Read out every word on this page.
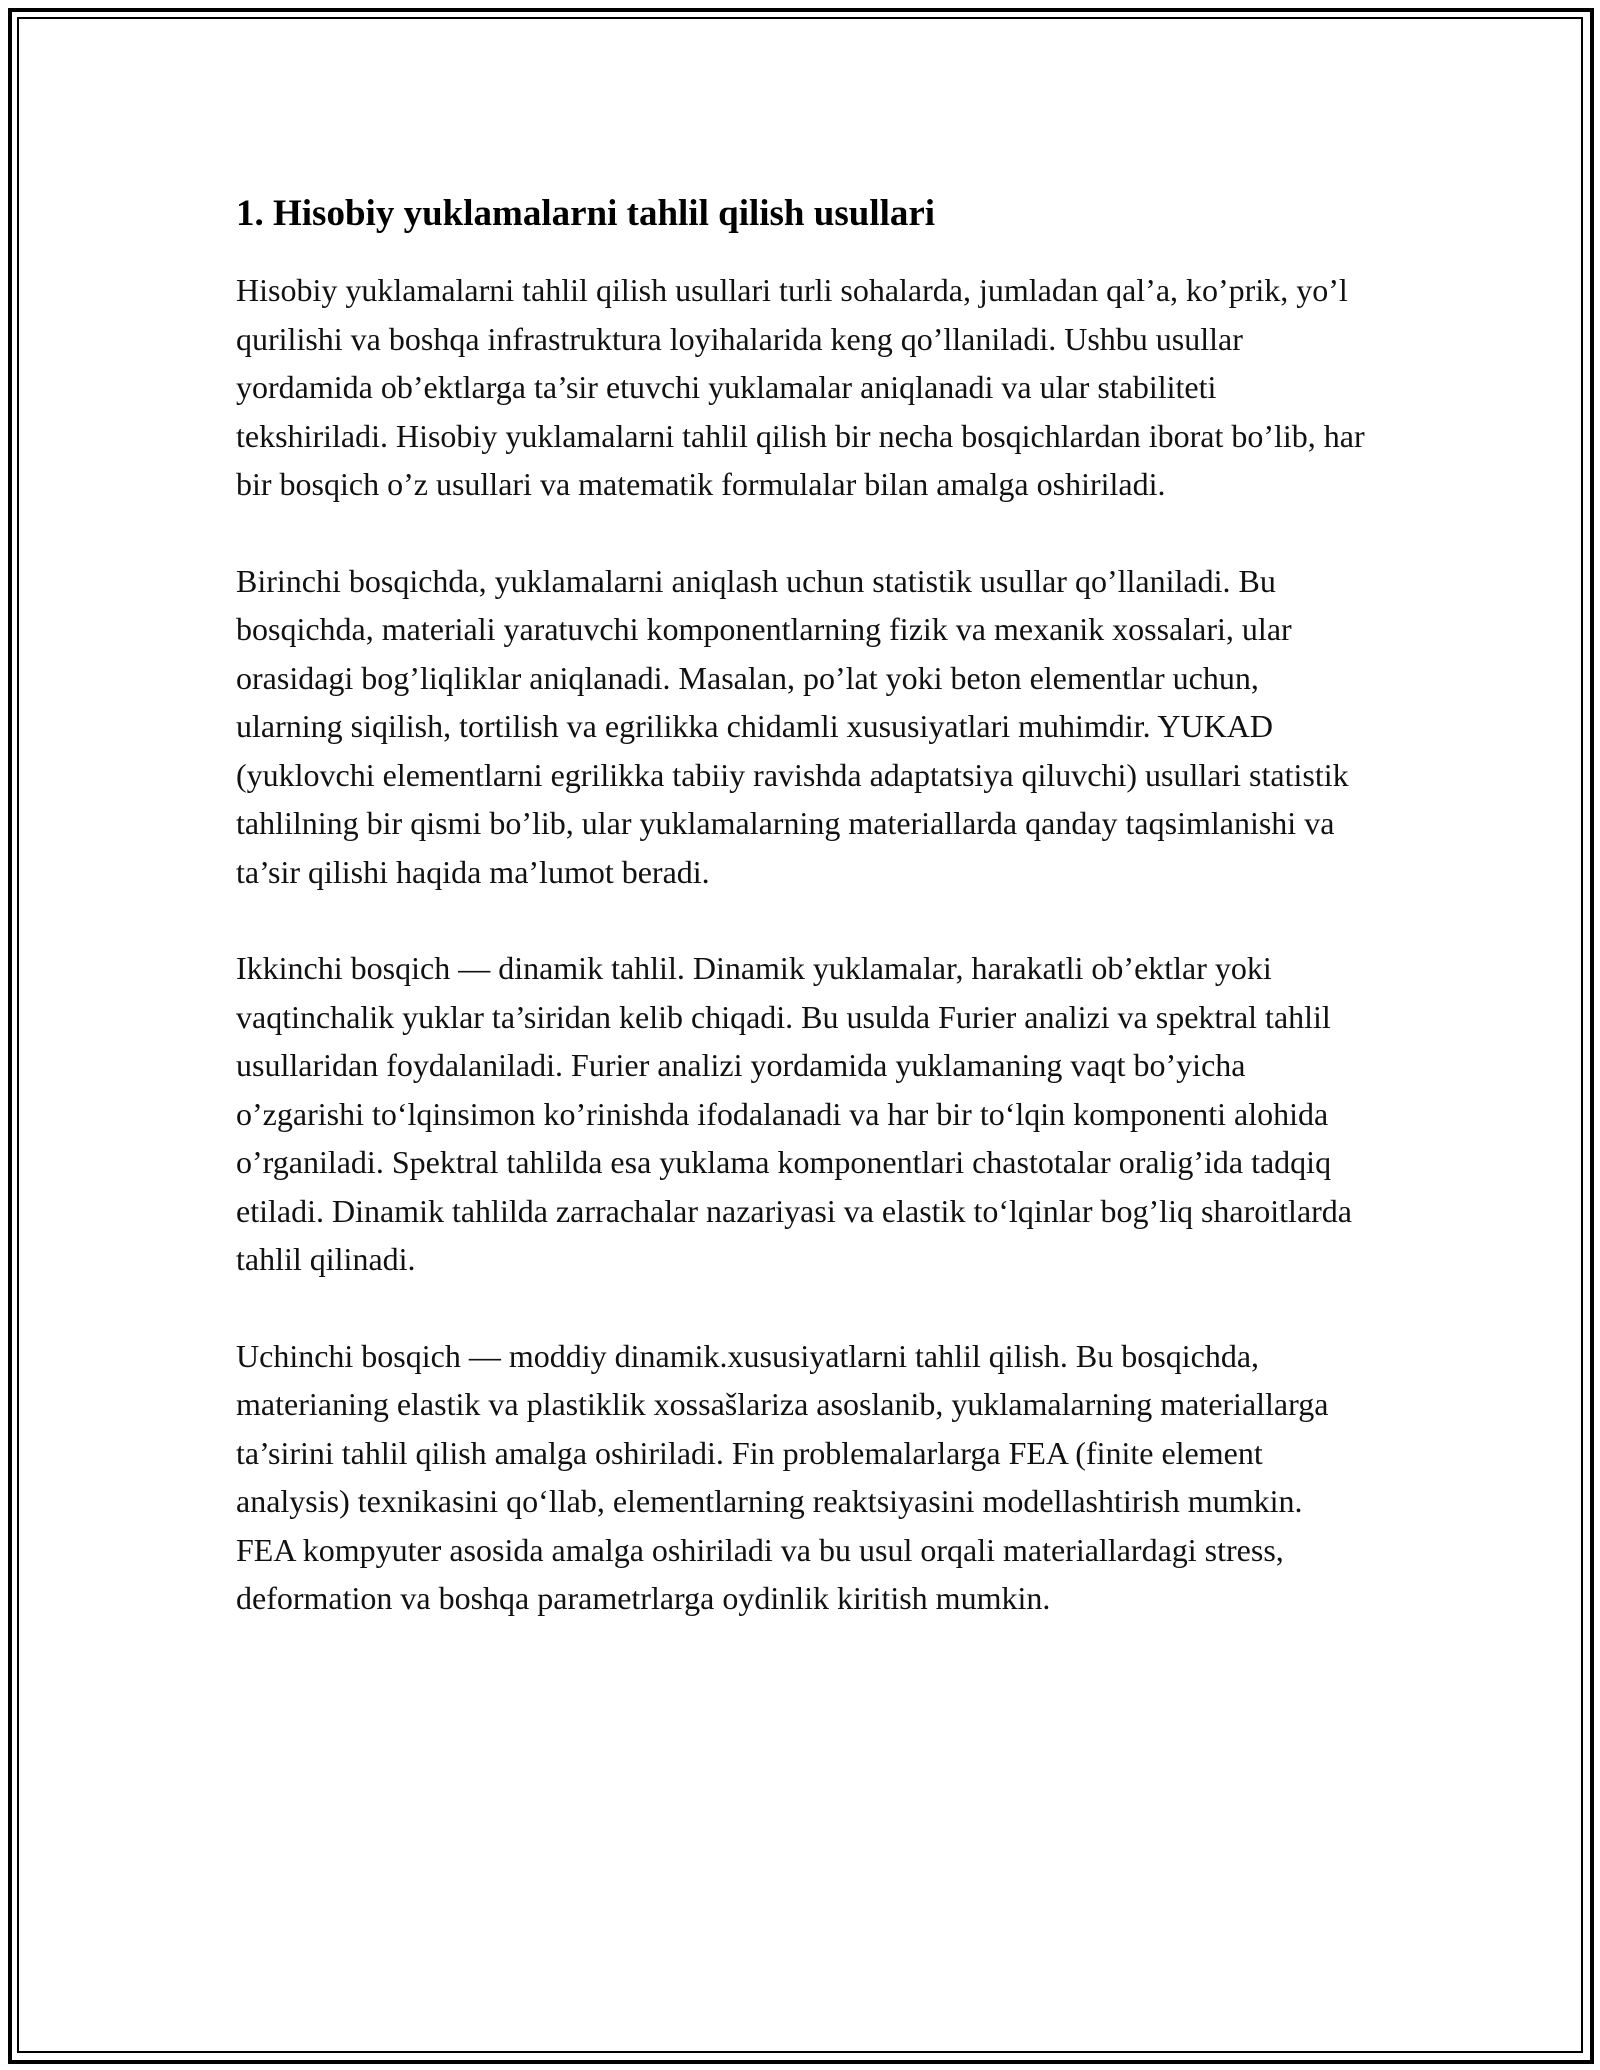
1. Hisobiy yuklamalarni tahlil qilish usullari

Hisobiy yuklamalarni tahlil qilish usullari turli sohalarda, jumladan qal’a, ko’prik, yo’l qurilishi va boshqa infrastruktura loyihalarida keng qo’llaniladi. Ushbu usullar yordamida ob’ektlarga ta’sir etuvchi yuklamalar aniqlanadi va ular stabiliteti tekshiriladi. Hisobiy yuklamalarni tahlil qilish bir necha bosqichlardan iborat bo’lib, har bir bosqich o’z usullari va matematik formulalar bilan amalga oshiriladi.

Birinchi bosqichda, yuklamalarni aniqlash uchun statistik usullar qo’llaniladi. Bu bosqichda, materiali yaratuvchi komponentlarning fizik va mexanik xossalari, ular orasidagi bog’liqliklar aniqlanadi. Masalan, po’lat yoki beton elementlar uchun, ularning siqilish, tortilish va egrilikka chidamli xususiyatlari muhimdir. YUKAD (yuklovchi elementlarni egrilikka tabiiy ravishda adaptatsiya qiluvchi) usullari statistik tahlilning bir qismi bo’lib, ular yuklamalarning materiallarda qanday taqsimlanishi va ta’sir qilishi haqida ma’lumot beradi.

Ikkinchi bosqich — dinamik tahlil. Dinamik yuklamalar, harakatli ob’ektlar yoki vaqtinchalik yuklar ta’siridan kelib chiqadi. Bu usulda Furier analizi va spektral tahlil usullaridan foydalaniladi. Furier analizi yordamida yuklamaning vaqt bo’yicha o’zgarishi to‘lqinsimon ko’rinishda ifodalanadi va har bir to‘lqin komponenti alohida o’rganiladi. Spektral tahlilda esa yuklama komponentlari chastotalar oralig’ida tadqiq etiladi. Dinamik tahlilda zarrachalar nazariyasi va elastik to‘lqinlar bog’liq sharoitlarda tahlil qilinadi.

Uchinchi bosqich — moddiy dinamik.xususiyatlarni tahlil qilish. Bu bosqichda, materianing elastik va plastiklik xossašlariza asoslanib, yuklamalarning materiallarga ta’sirini tahlil qilish amalga oshiriladi. Fin problemalarlarga FEA (finite element analysis) texnikasini qo‘llab, elementlarning reaktsiyasini modellashtirish mumkin. FEA kompyuter asosida amalga oshiriladi va bu usul orqali materiallardagi stress, deformation va boshqa parametrlarga oydinlik kiritish mumkin.
